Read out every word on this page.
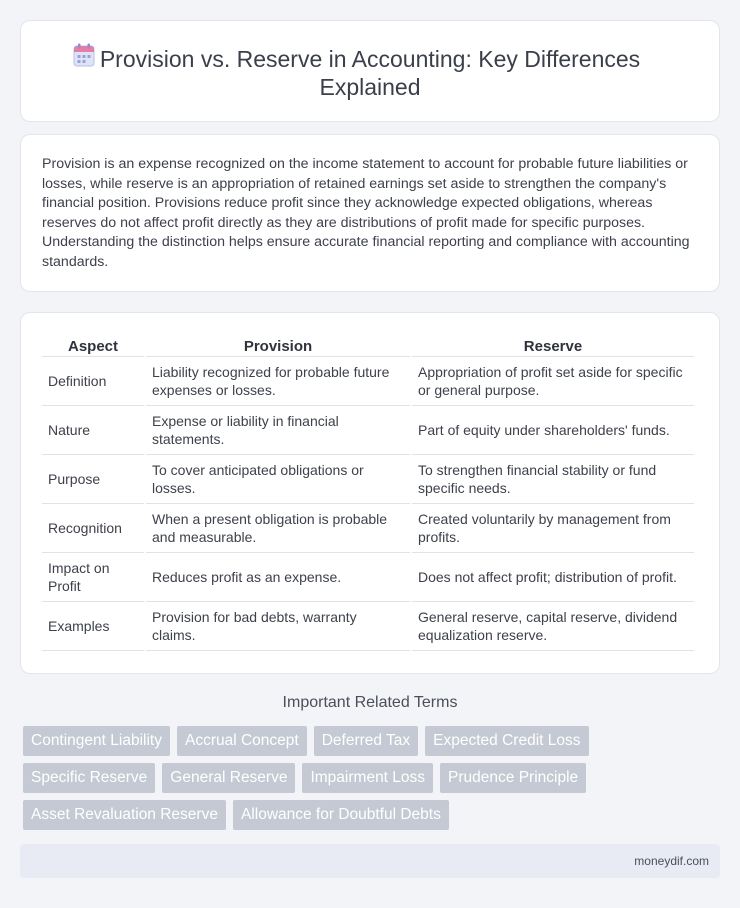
Provision vs. Reserve in Accounting: Key Differences Explained

Provision is an expense recognized on the income statement to account for probable future liabilities or losses, while reserve is an appropriation of retained earnings set aside to strengthen the company's financial position. Provisions reduce profit since they acknowledge expected obligations, whereas reserves do not affect profit directly as they are distributions of profit made for specific purposes. Understanding the distinction helps ensure accurate financial reporting and compliance with accounting standards.

Aspect	Provision	Reserve
Definition	Liability recognized for probable future expenses or losses.	Appropriation of profit set aside for specific or general purpose.
Nature	Expense or liability in financial statements.	Part of equity under shareholders' funds.
Purpose	To cover anticipated obligations or losses.	To strengthen financial stability or fund specific needs.
Recognition	When a present obligation is probable and measurable.	Created voluntarily by management from profits.
Impact on Profit	Reduces profit as an expense.	Does not affect profit; distribution of profit.
Examples	Provision for bad debts, warranty claims.	General reserve, capital reserve, dividend equalization reserve.
Important Related Terms
Contingent Liability	Accrual Concept	Deferred Tax	Expected Credit Loss
Specific Reserve	General Reserve	Impairment Loss	Prudence Principle
Asset Revaluation Reserve	Allowance for Doubtful Debts
moneydif.com
